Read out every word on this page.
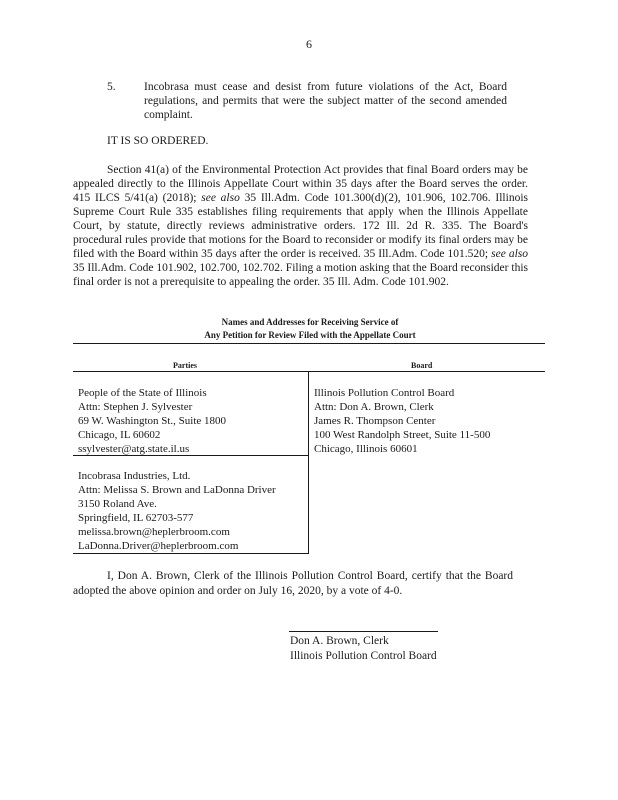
6
5. Incobrasa must cease and desist from future violations of the Act, Board regulations, and permits that were the subject matter of the second amended complaint.
IT IS SO ORDERED.
Section 41(a) of the Environmental Protection Act provides that final Board orders may be appealed directly to the Illinois Appellate Court within 35 days after the Board serves the order. 415 ILCS 5/41(a) (2018); see also 35 Ill.Adm. Code 101.300(d)(2), 101.906, 102.706. Illinois Supreme Court Rule 335 establishes filing requirements that apply when the Illinois Appellate Court, by statute, directly reviews administrative orders. 172 Ill. 2d R. 335. The Board's procedural rules provide that motions for the Board to reconsider or modify its final orders may be filed with the Board within 35 days after the order is received. 35 Ill.Adm. Code 101.520; see also 35 Ill.Adm. Code 101.902, 102.700, 102.702. Filing a motion asking that the Board reconsider this final order is not a prerequisite to appealing the order. 35 Ill. Adm. Code 101.902.
Names and Addresses for Receiving Service of
Any Petition for Review Filed with the Appellate Court
Parties	Board
People of the State of Illinois
Attn: Stephen J. Sylvester
69 W. Washington St., Suite 1800
Chicago, IL 60602
ssylvester@atg.state.il.us
Incobrasa Industries, Ltd.
Attn: Melissa S. Brown and LaDonna Driver
3150 Roland Ave.
Springfield, IL 62703-577
melissa.brown@heplerbroom.com
LaDonna.Driver@heplerbroom.com
Illinois Pollution Control Board
Attn: Don A. Brown, Clerk
James R. Thompson Center
100 West Randolph Street, Suite 11-500
Chicago, Illinois 60601
I, Don A. Brown, Clerk of the Illinois Pollution Control Board, certify that the Board adopted the above opinion and order on July 16, 2020, by a vote of 4-0.
Don A. Brown, Clerk
Illinois Pollution Control Board
